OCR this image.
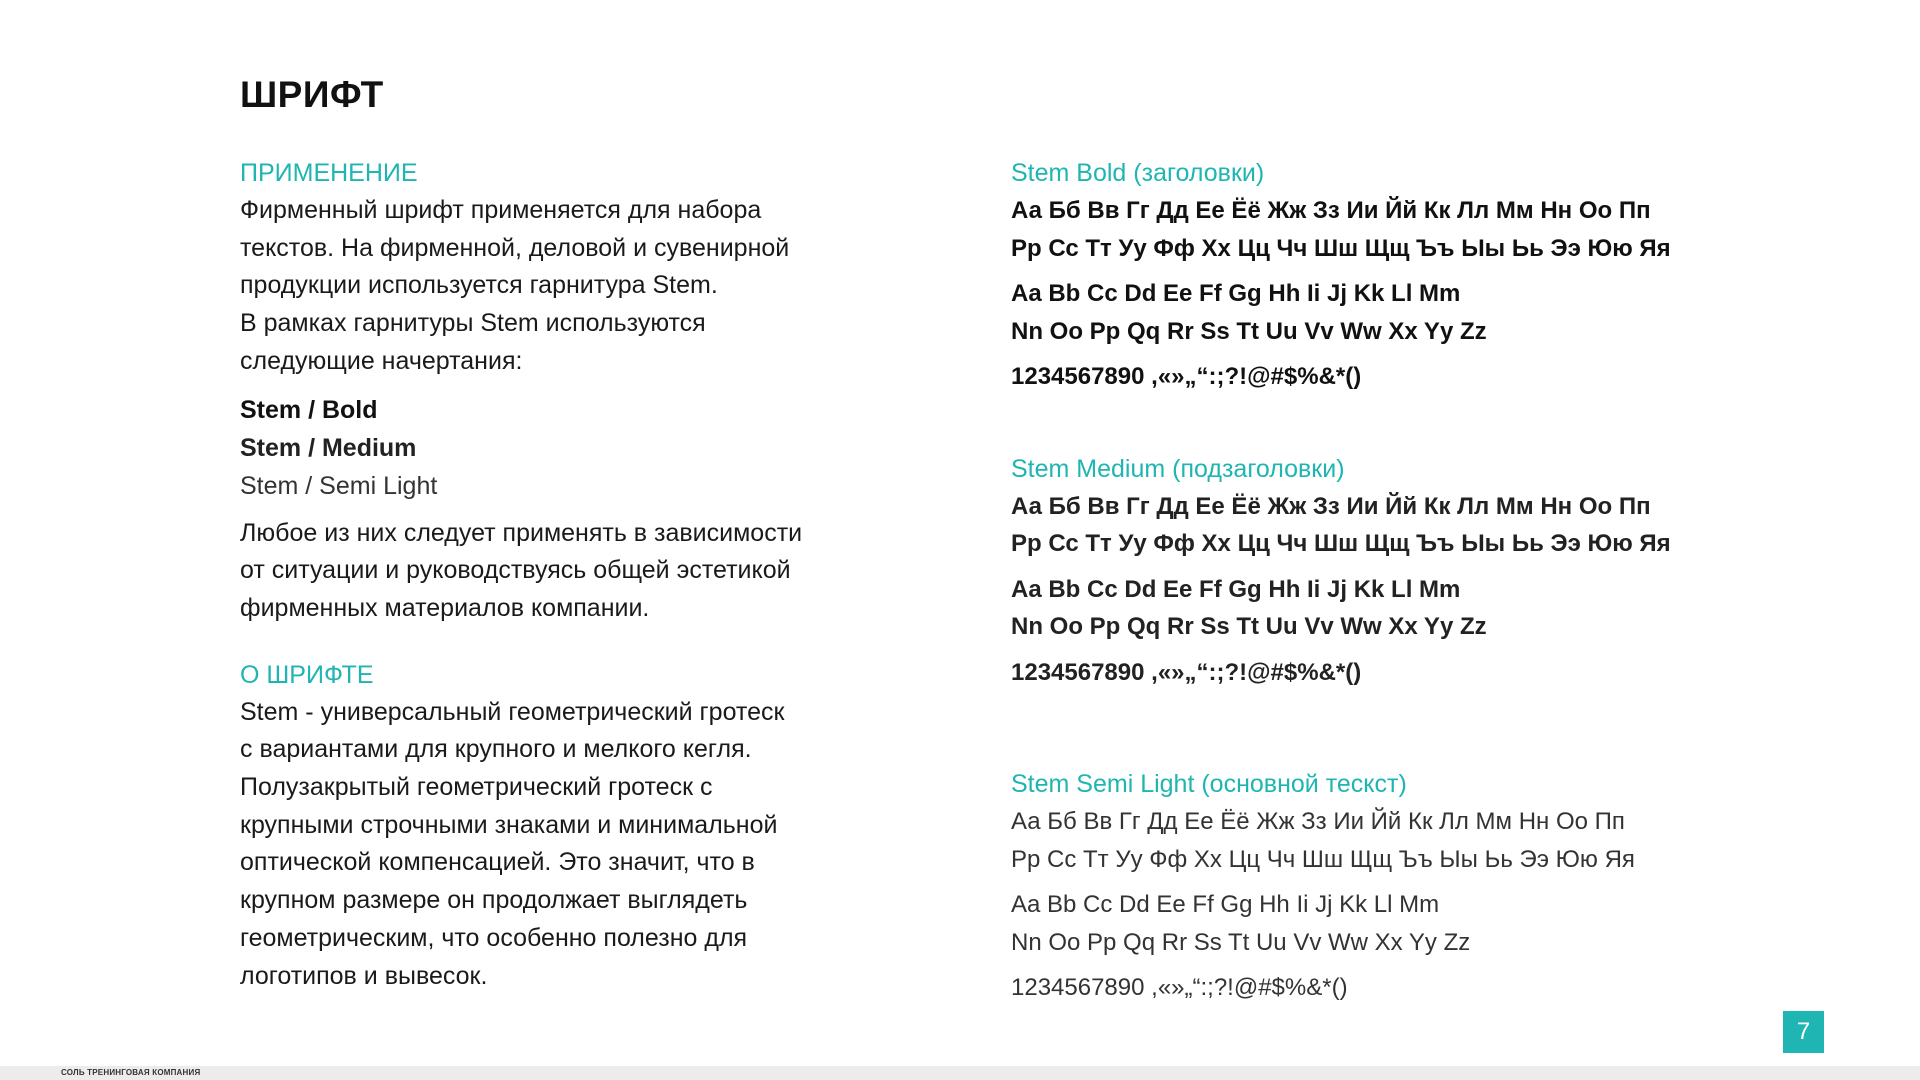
ШРИФТ
ПРИМЕНЕНИЕ
Фирменный шрифт применяется для набора
текстов. На фирменной, деловой и сувенирной
продукции используется гарнитура Stem.
В рамках гарнитуры Stem используются
следующие начертания:
Stem / Bold
Stem / Medium
Stem / Semi Light
Любое из них следует применять в зависимости
от ситуации и руководствуясь общей эстетикой
фирменных материалов компании.
О ШРИФТЕ
Stem - универсальный геометрический гротеск
с вариантами для крупного и мелкого кегля.
Полузакрытый геометрический гротеск с
крупными строчными знаками и минимальной
оптической компенсацией. Это значит, что в
крупном размере он продолжает выглядеть
геометрическим, что особенно полезно для
логотипов и вывесок.
Stem Bold (заголовки)
Аа Бб Вв Гг Дд Ее Ёё Жж Зз Ии Йй Кк Лл Мм Нн Оо Пп
Рр Сс Тт Уу Фф Хх Цц Чч Шш Щщ Ъъ Ыы Ьь Ээ Юю Яя
Aa Bb Cc Dd Ee Ff Gg Hh Ii Jj Kk Ll Mm
Nn Oo Pp Qq Rr Ss Tt Uu Vv Ww Xx Yy Zz
1234567890 ,«»„“:;?!@#$%&*()
Stem Medium (подзаголовки)
Аа Бб Вв Гг Дд Ее Ёё Жж Зз Ии Йй Кк Лл Мм Нн Оо Пп
Рр Сс Тт Уу Фф Хх Цц Чч Шш Щщ Ъъ Ыы Ьь Ээ Юю Яя
Aa Bb Cc Dd Ee Ff Gg Hh Ii Jj Kk Ll Mm
Nn Oo Pp Qq Rr Ss Tt Uu Vv Ww Xx Yy Zz
1234567890 ,«»„“:;?!@#$%&*()
Stem Semi Light (основной тескст)
Аа Бб Вв Гг Дд Ее Ёё Жж Зз Ии Йй Кк Лл Мм Нн Оо Пп
Рр Сс Тт Уу Фф Хх Цц Чч Шш Щщ Ъъ Ыы Ьь Ээ Юю Яя
Aa Bb Cc Dd Ee Ff Gg Hh Ii Jj Kk Ll Mm
Nn Oo Pp Qq Rr Ss Tt Uu Vv Ww Xx Yy Zz
1234567890 ,«»„“:;?!@#$%&*()
7
СОЛЬ ТРЕНИНГОВАЯ КОМПАНИЯ
